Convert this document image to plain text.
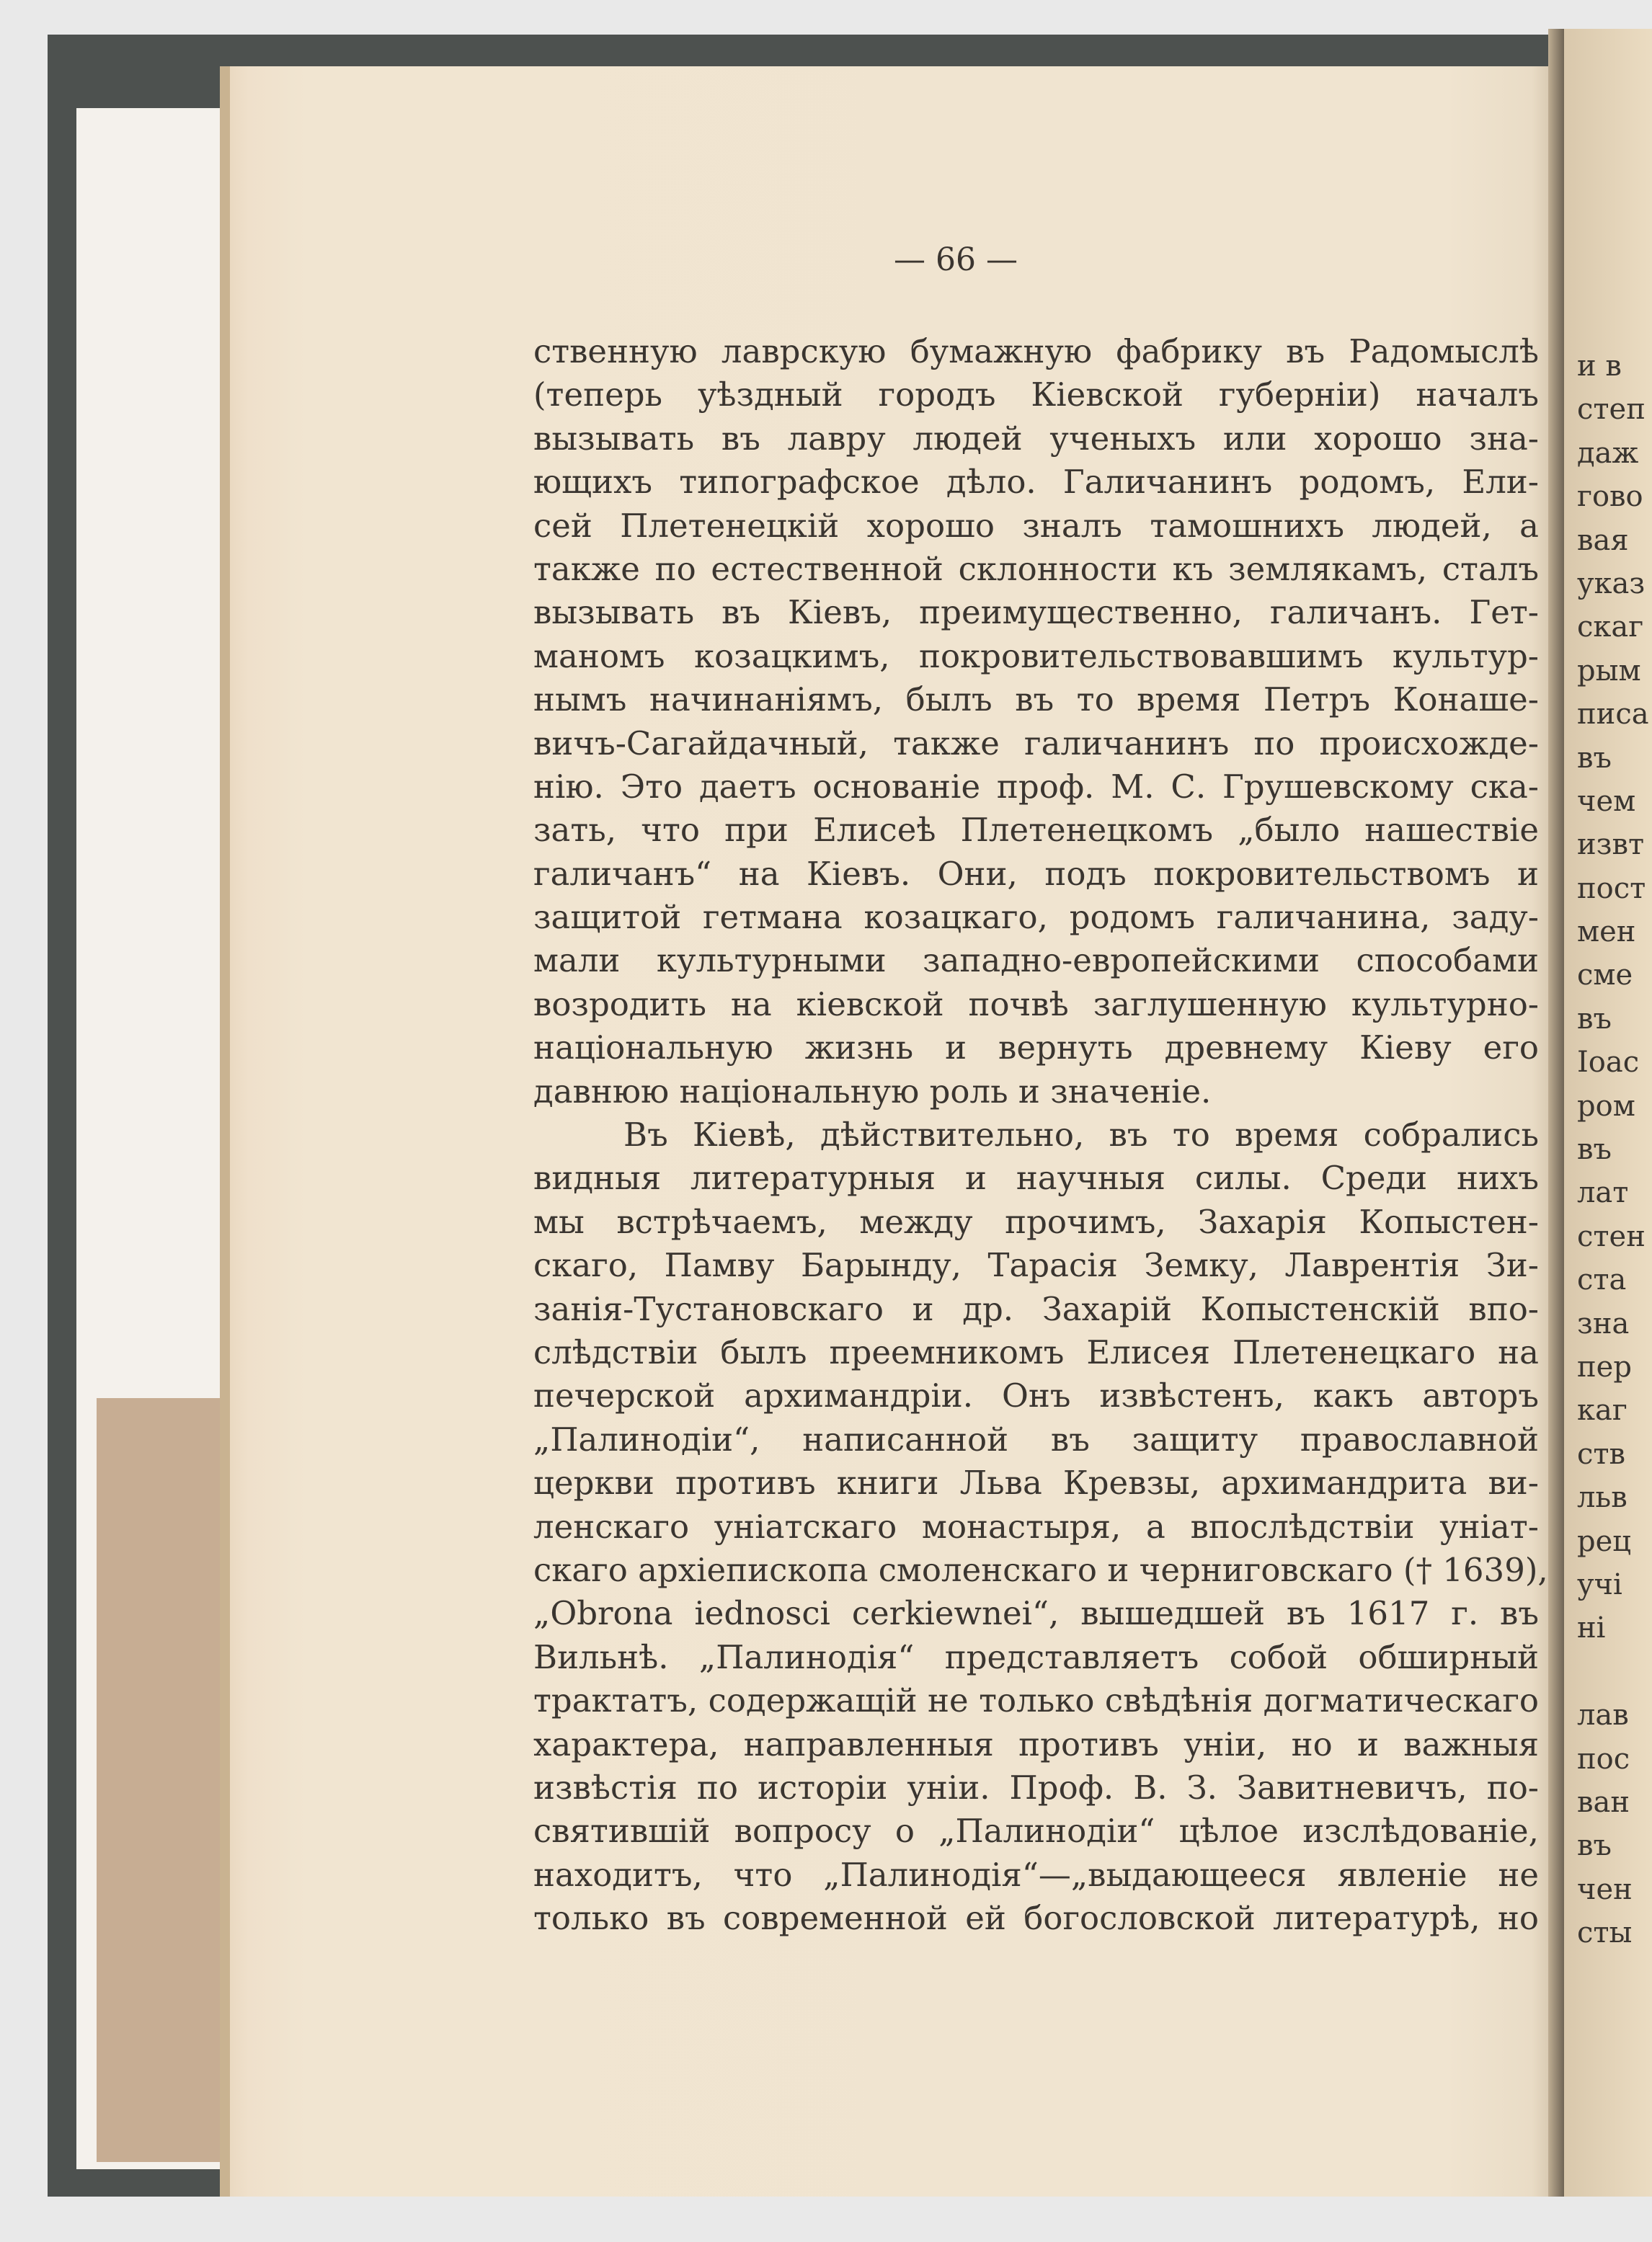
и в
степ
даж
гово
вая
указ
скаг
рым
писа
въ
чем
извт
пост
мен
сме
въ
Іоас
ром
въ
лат
стен
ста
зна
пер
каг
ств
льв
рец
учі
ні
лав
пос
ван
въ
чен
сты
— 66 —
ственную лаврскую бумажную фабрику въ Радомыслѣ
(теперь уѣздный городъ Кіевской губерніи) началъ
вызывать въ лавру людей ученыхъ или хорошо зна-
ющихъ типографское дѣло. Галичанинъ родомъ, Ели-
сей Плетенецкій хорошо зналъ тамошнихъ людей, а
также по естественной склонности къ землякамъ, сталъ
вызывать въ Кіевъ, преимущественно, галичанъ. Гет-
маномъ козацкимъ, покровительствовавшимъ культур-
нымъ начинаніямъ, былъ въ то время Петръ Конаше-
вичъ-Сагайдачный, также галичанинъ по происхожде-
нію. Это даетъ основаніе проф. М. С. Грушевскому ска-
зать, что при Елисеѣ Плетенецкомъ „было нашествіе
галичанъ“ на Кіевъ. Они, подъ покровительствомъ и
защитой гетмана козацкаго, родомъ галичанина, заду-
мали культурными западно-европейскими способами
возродить на кіевской почвѣ заглушенную культурно-
національную жизнь и вернуть древнему Кіеву его
давнюю національную роль и значеніе.
Въ Кіевѣ, дѣйствительно, въ то время собрались
видныя литературныя и научныя силы. Среди нихъ
мы встрѣчаемъ, между прочимъ, Захарія Копыстен-
скаго, Памву Барынду, Тарасія Земку, Лаврентія Зи-
занія-Тустановскаго и др. Захарій Копыстенскій впо-
слѣдствіи былъ преемникомъ Елисея Плетенецкаго на
печерской архимандріи. Онъ извѣстенъ, какъ авторъ
„Палинодіи“, написанной въ защиту православной
церкви противъ книги Льва Кревзы, архимандрита ви-
ленскаго уніатскаго монастыря, а впослѣдствіи уніат-
скаго архіепископа смоленскаго и черниговскаго († 1639),
„Obrona iednosci cerkiewnei“, вышедшей въ 1617 г. въ
Вильнѣ. „Палинодія“ представляетъ собой обширный
трактатъ, содержащій не только свѣдѣнія догматическаго
характера, направленныя противъ уніи, но и важныя
извѣстія по исторіи уніи. Проф. В. З. Завитневичъ, по-
святившій вопросу о „Палинодіи“ цѣлое изслѣдованіе,
находитъ, что „Палинодія“—„выдающееся явленіе не
только въ современной ей богословской литературѣ, но
